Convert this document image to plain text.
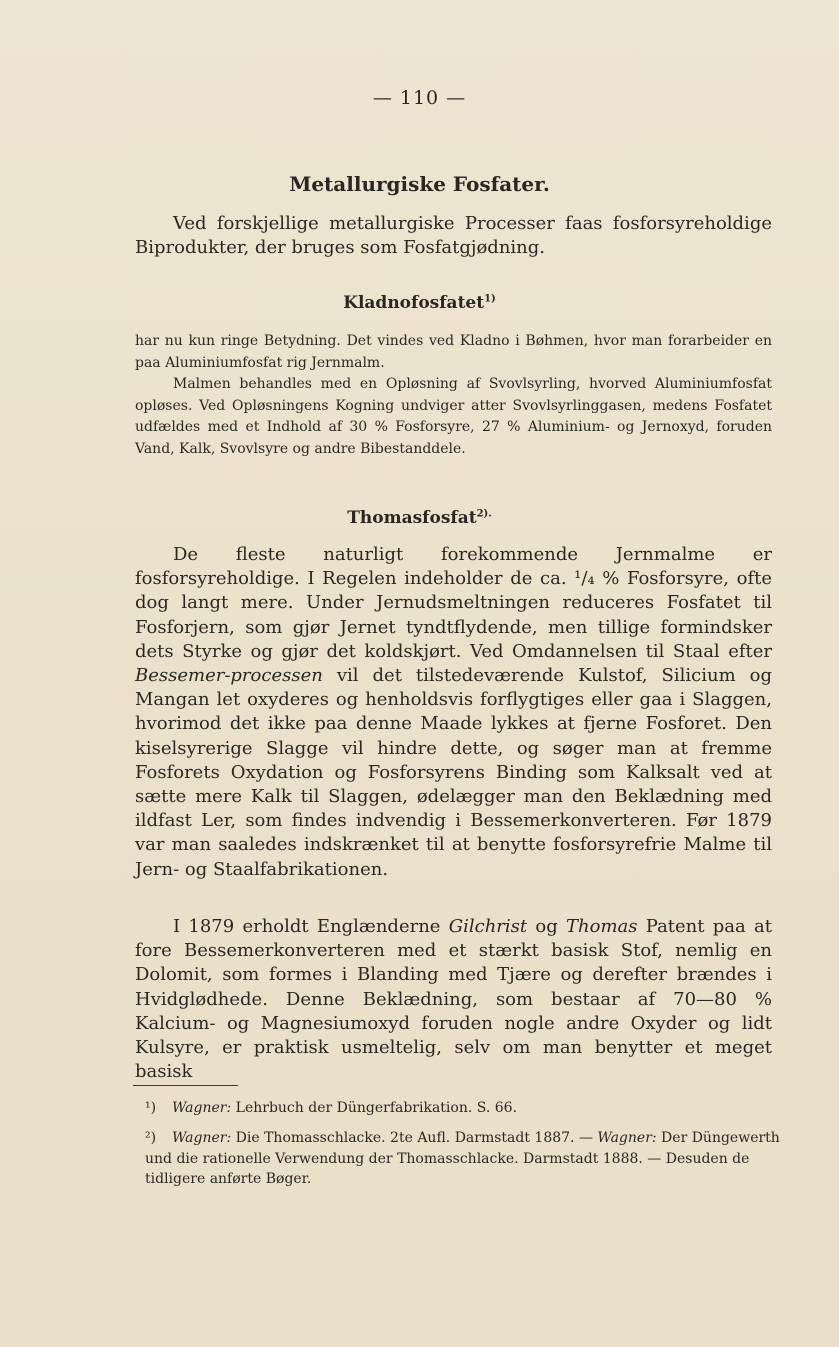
— 110 —
Metallurgiske Fosfater.

Ved forskjellige metallurgiske Processer faas fosforsyreholdige Biprodukter, der bruges som Fosfatgjødning.

Kladnofosfatet$^{1)}$

har nu kun ringe Betydning. Det vindes ved Kladno i Bøhmen, hvor man forarbeider en paa Aluminiumfosfat rig Jernmalm.

Malmen behandles med en Opløsning af Svovlsyrling, hvorved Aluminiumfosfat opløses. Ved Opløsningens Kogning undviger atter Svovlsyrlinggasen, medens Fosfatet udfældes med et Indhold af 30 % Fosforsyre, 27 % Aluminium- og Jernoxyd, foruden Vand, Kalk, Svovlsyre og andre Bibestanddele.

Thomasfosfat$^{2).}$

De fleste naturligt forekommende Jernmalme er fosforsyreholdige. I Regelen indeholder de ca. ¹/₄ % Fosforsyre, ofte dog langt mere. Under Jernudsmeltningen reduceres Fosfatet til Fosforjern, som gjør Jernet tyndtflydende, men tillige formindsker dets Styrke og gjør det koldskjørt. Ved Omdannelsen til Staal efter Bessemer-processen vil det tilstedeværende Kulstof, Silicium og Mangan let oxyderes og henholdsvis forflygtiges eller gaa i Slaggen, hvorimod det ikke paa denne Maade lykkes at fjerne Fosforet. Den kiselsyrerige Slagge vil hindre dette, og søger man at fremme Fosforets Oxydation og Fosforsyrens Binding som Kalksalt ved at sætte mere Kalk til Slaggen, ødelægger man den Beklædning med ildfast Ler, som findes indvendig i Bessemerkonverteren. Før 1879 var man saaledes indskrænket til at benytte fosforsyrefrie Malme til Jern- og Staalfabrikationen.

I 1879 erholdt Englænderne Gilchrist og Thomas Patent paa at fore Bessemerkonverteren med et stærkt basisk Stof, nemlig en Dolomit, som formes i Blanding med Tjære og derefter brændes i Hvidglødhede. Denne Beklædning, som bestaar af 70—80 % Kalcium- og Magnesiumoxyd foruden nogle andre Oxyder og lidt Kulsyre, er praktisk usmeltelig, selv om man benytter et meget basisk

¹) Wagner: Lehrbuch der Düngerfabrikation. S. 66.
²) Wagner: Die Thomasschlacke. 2te Aufl. Darmstadt 1887. — Wagner: Der Düngewerth und die rationelle Verwendung der Thomasschlacke. Darmstadt 1888. — Desuden de tidligere anførte Bøger.
